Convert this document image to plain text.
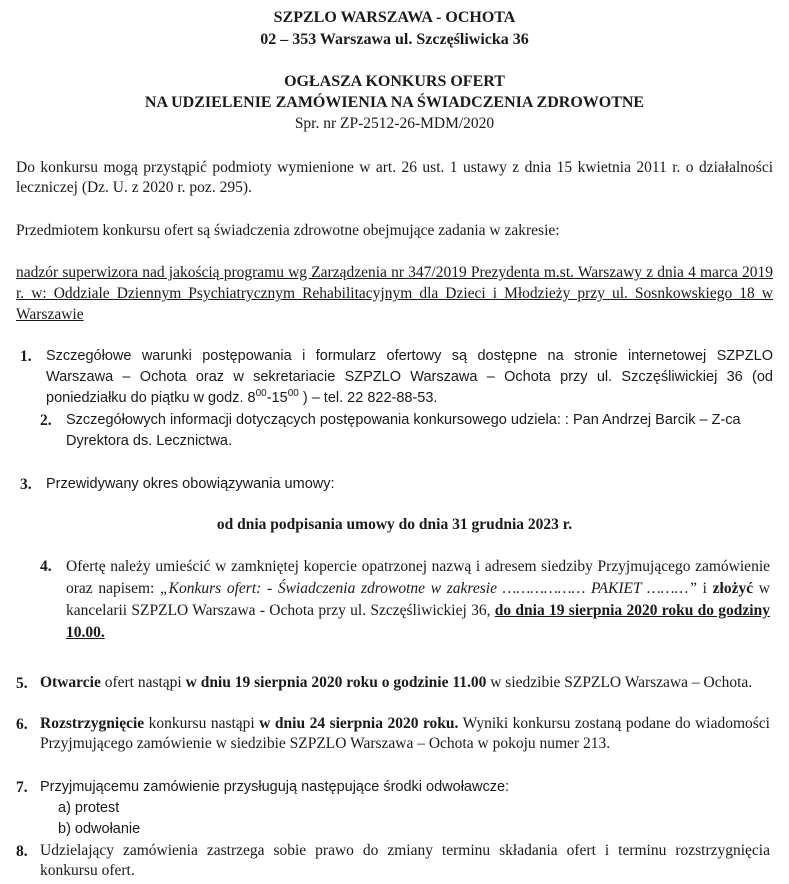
SZPZLO WARSZAWA - OCHOTA
02 – 353 Warszawa ul. Szczęśliwicka 36
OGŁASZA KONKURS OFERT
NA UDZIELENIE ZAMÓWIENIA NA ŚWIADCZENIA ZDROWOTNE
Spr. nr ZP-2512-26-MDM/2020
Do konkursu mogą przystąpić podmioty wymienione w art. 26 ust. 1 ustawy z dnia 15 kwietnia 2011 r. o działalności leczniczej (Dz. U. z 2020 r. poz. 295).
Przedmiotem konkursu ofert są świadczenia zdrowotne obejmujące zadania w zakresie:
nadzór superwizora nad jakością programu wg Zarządzenia nr 347/2019 Prezydenta m.st. Warszawy z dnia 4 marca 2019 r. w: Oddziale Dziennym Psychiatrycznym Rehabilitacyjnym dla Dzieci i Młodzieży przy ul. Sosnkowskiego 18 w Warszawie
1. Szczegółowe warunki postępowania i formularz ofertowy są dostępne na stronie internetowej SZPZLO Warszawa – Ochota oraz w sekretariacie SZPZLO Warszawa – Ochota przy ul. Szczęśliwickiej 36 (od poniedziałku do piątku w godz. $8^{00}-15^{00}$ ) – tel. 22 822-88-53.
2. Szczegółowych informacji dotyczących postępowania konkursowego udziela: : Pan Andrzej Barcik – Z-ca Dyrektora ds. Lecznictwa.
3. Przewidywany okres obowiązywania umowy:
od dnia podpisania umowy do dnia 31 grudnia 2023 r.
4. Ofertę należy umieścić w zamkniętej kopercie opatrzonej nazwą i adresem siedziby Przyjmującego zamówienie oraz napisem: „Konkurs ofert: - Świadczenia zdrowotne w zakresie ……………… PAKIET ………” i złożyć w kancelarii SZPZLO Warszawa - Ochota przy ul. Szczęśliwickiej 36, do dnia 19 sierpnia 2020 roku do godziny 10.00.
5. Otwarcie ofert nastąpi w dniu 19 sierpnia 2020 roku o godzinie 11.00 w siedzibie SZPZLO Warszawa – Ochota.
6. Rozstrzygnięcie konkursu nastąpi w dniu 24 sierpnia 2020 roku. Wyniki konkursu zostaną podane do wiadomości Przyjmującego zamówienie w siedzibie SZPZLO Warszawa – Ochota w pokoju numer 213.
7. Przyjmującemu zamówienie przysługują następujące środki odwoławcze:
a) protest
b) odwołanie
8. Udzielający zamówienia zastrzega sobie prawo do zmiany terminu składania ofert i terminu rozstrzygnięcia konkursu ofert.
